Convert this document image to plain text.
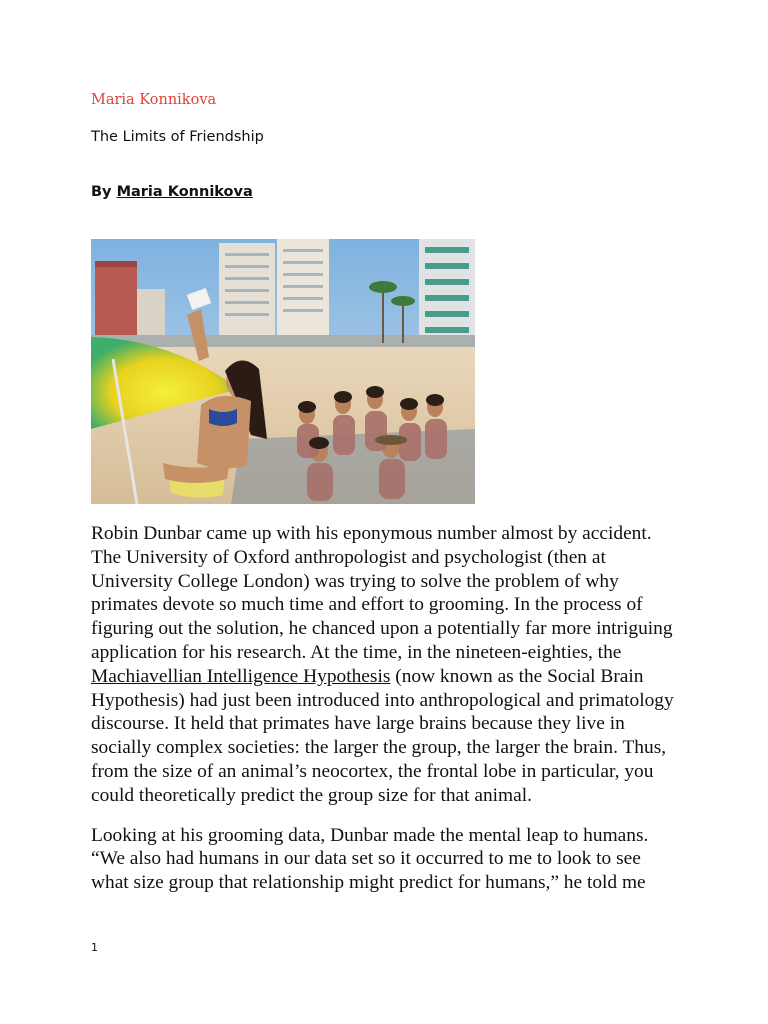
Maria Konnikova
The Limits of Friendship
By Maria Konnikova

Robin Dunbar came up with his eponymous number almost by accident. The University of Oxford anthropologist and psychologist (then at University College London) was trying to solve the problem of why primates devote so much time and effort to grooming. In the process of figuring out the solution, he chanced upon a potentially far more intriguing application for his research. At the time, in the nineteen-eighties, the Machiavellian Intelligence Hypothesis (now known as the Social Brain Hypothesis) had just been introduced into anthropological and primatology discourse. It held that primates have large brains because they live in socially complex societies: the larger the group, the larger the brain. Thus, from the size of an animal’s neocortex, the frontal lobe in particular, you could theoretically predict the group size for that animal.

Looking at his grooming data, Dunbar made the mental leap to humans. “We also had humans in our data set so it occurred to me to look to see what size group that relationship might predict for humans,” he told me

1
